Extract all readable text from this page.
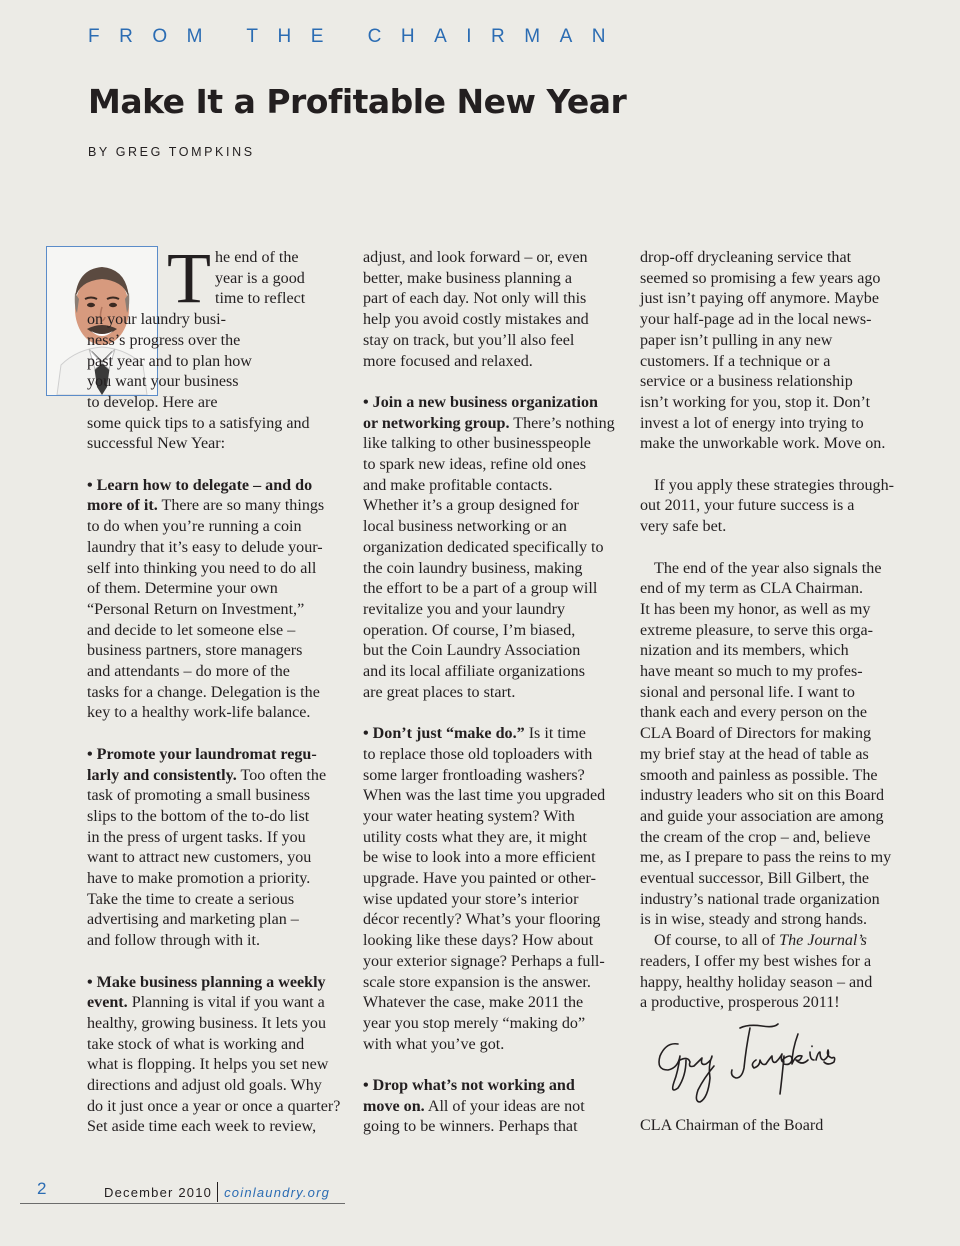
FROM THE CHAIRMAN
Make It a Profitable New Year
BY GREG TOMPKINS

T he end of the
year is a good
time to reflect
on your laundry busi-
ness’s progress over the
past year and to plan how
you want your business
to develop. Here are
some quick tips to a satisfying and
successful New Year:

• Learn how to delegate – and do
more of it. There are so many things
to do when you’re running a coin
laundry that it’s easy to delude your-
self into thinking you need to do all
of them. Determine your own
“Personal Return on Investment,”
and decide to let someone else –
business partners, store managers
and attendants – do more of the
tasks for a change. Delegation is the
key to a healthy work-life balance.

• Promote your laundromat regu-
larly and consistently. Too often the
task of promoting a small business
slips to the bottom of the to-do list
in the press of urgent tasks. If you
want to attract new customers, you
have to make promotion a priority.
Take the time to create a serious
advertising and marketing plan –
and follow through with it.

• Make business planning a weekly
event. Planning is vital if you want a
healthy, growing business. It lets you
take stock of what is working and
what is flopping. It helps you set new
directions and adjust old goals. Why
do it just once a year or once a quarter?
Set aside time each week to review,

adjust, and look forward – or, even
better, make business planning a
part of each day. Not only will this
help you avoid costly mistakes and
stay on track, but you’ll also feel
more focused and relaxed.

• Join a new business organization
or networking group. There’s nothing
like talking to other businesspeople
to spark new ideas, refine old ones
and make profitable contacts.
Whether it’s a group designed for
local business networking or an
organization dedicated specifically to
the coin laundry business, making
the effort to be a part of a group will
revitalize you and your laundry
operation. Of course, I’m biased,
but the Coin Laundry Association
and its local affiliate organizations
are great places to start.

• Don’t just “make do.” Is it time
to replace those old toploaders with
some larger frontloading washers?
When was the last time you upgraded
your water heating system? With
utility costs what they are, it might
be wise to look into a more efficient
upgrade. Have you painted or other-
wise updated your store’s interior
décor recently? What’s your flooring
looking like these days? How about
your exterior signage? Perhaps a full-
scale store expansion is the answer.
Whatever the case, make 2011 the
year you stop merely “making do”
with what you’ve got.

• Drop what’s not working and
move on. All of your ideas are not
going to be winners. Perhaps that

drop-off drycleaning service that
seemed so promising a few years ago
just isn’t paying off anymore. Maybe
your half-page ad in the local news-
paper isn’t pulling in any new
customers. If a technique or a
service or a business relationship
isn’t working for you, stop it. Don’t
invest a lot of energy into trying to
make the unworkable work. Move on.

If you apply these strategies through-
out 2011, your future success is a
very safe bet.

The end of the year also signals the
end of my term as CLA Chairman.
It has been my honor, as well as my
extreme pleasure, to serve this orga-
nization and its members, which
have meant so much to my profes-
sional and personal life. I want to
thank each and every person on the
CLA Board of Directors for making
my brief stay at the head of table as
smooth and painless as possible. The
industry leaders who sit on this Board
and guide your association are among
the cream of the crop – and, believe
me, as I prepare to pass the reins to my
eventual successor, Bill Gilbert, the
industry’s national trade organization
is in wise, steady and strong hands.

Of course, to all of The Journal’s
readers, I offer my best wishes for a
happy, healthy holiday season – and
a productive, prosperous 2011!

CLA Chairman of the Board
2	December 2010 coinlaundry.org
